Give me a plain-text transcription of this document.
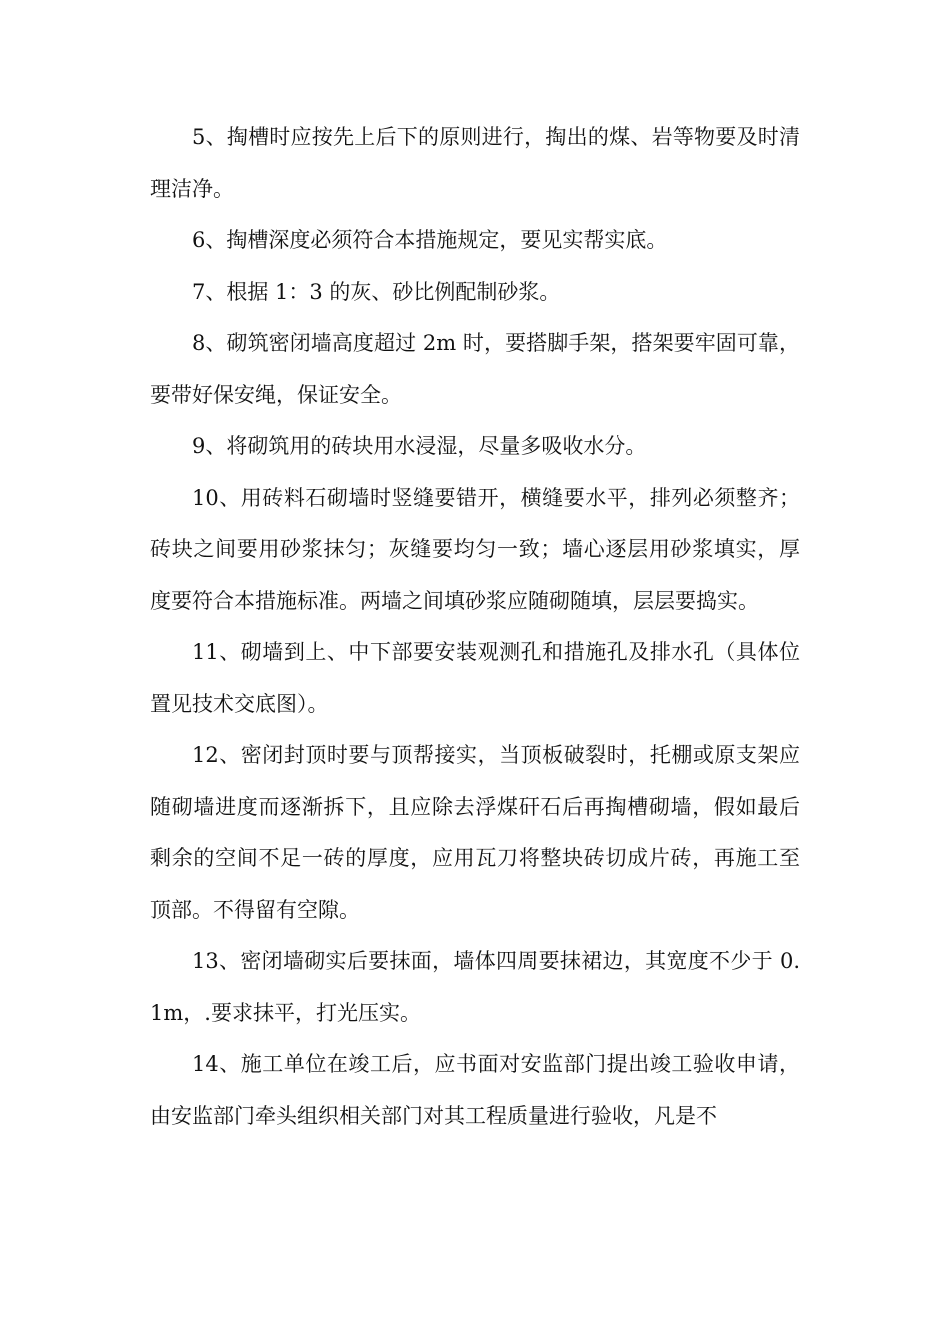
5、掏槽时应按先上后下的原则进行，掏出的煤、岩等物要及时清理洁净。

6、掏槽深度必须符合本措施规定，要见实帮实底。

7、根据 1：3 的灰、砂比例配制砂浆。

8、砌筑密闭墙高度超过 2m 时，要搭脚手架，搭架要牢固可靠，要带好保安绳，保证安全。

9、将砌筑用的砖块用水浸湿，尽量多吸收水分。

10、用砖料石砌墙时竖缝要错开，横缝要水平，排列必须整齐；砖块之间要用砂浆抹匀；灰缝要均匀一致；墙心逐层用砂浆填实，厚度要符合本措施标准。两墙之间填砂浆应随砌随填，层层要捣实。

11、砌墙到上、中下部要安装观测孔和措施孔及排水孔（具体位置见技术交底图）。

12、密闭封顶时要与顶帮接实，当顶板破裂时，托棚或原支架应随砌墙进度而逐渐拆下，且应除去浮煤矸石后再掏槽砌墙，假如最后剩余的空间不足一砖的厚度，应用瓦刀将整块砖切成片砖，再施工至顶部。不得留有空隙。

13、密闭墙砌实后要抹面，墙体四周要抹裙边，其宽度不少于 0.1m，.要求抹平，打光压实。

14、施工单位在竣工后，应书面对安监部门提出竣工验收申请，由安监部门牵头组织相关部门对其工程质量进行验收，凡是不
